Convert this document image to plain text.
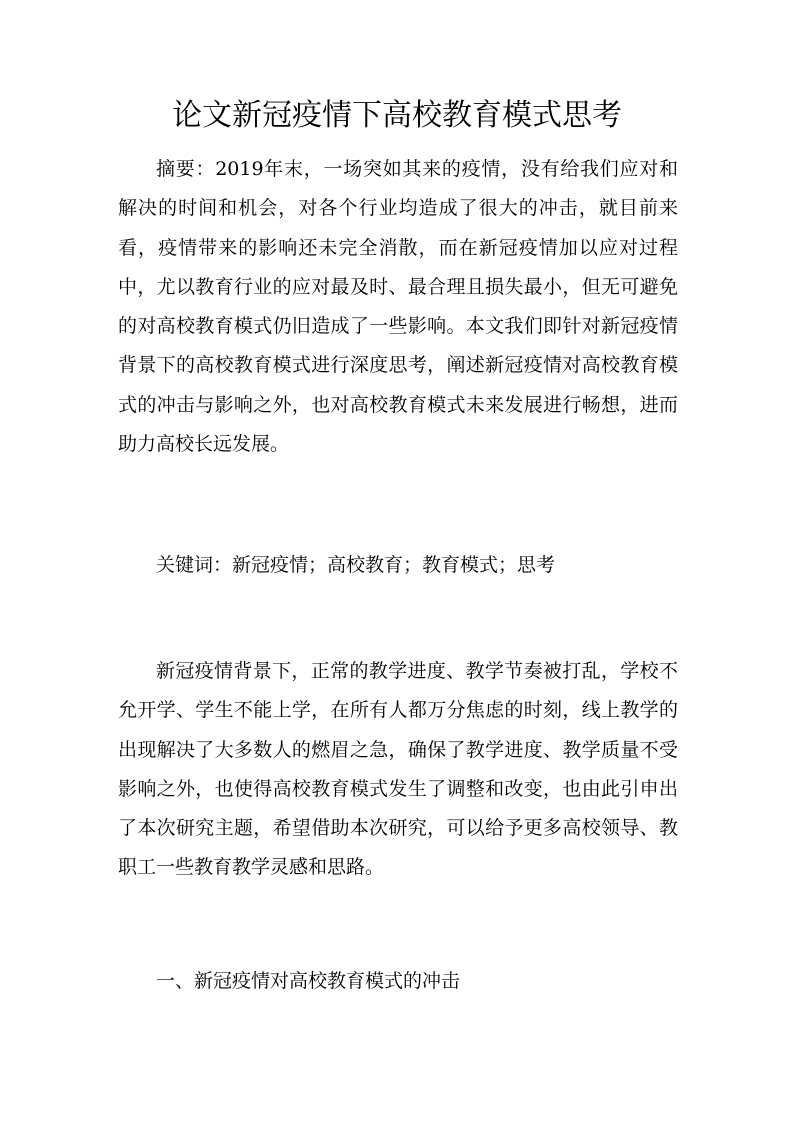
论文新冠疫情下高校教育模式思考

摘要：2019年末，一场突如其来的疫情，没有给我们应对和解决的时间和机会，对各个行业均造成了很大的冲击，就目前来看，疫情带来的影响还未完全消散，而在新冠疫情加以应对过程中，尤以教育行业的应对最及时、最合理且损失最小，但无可避免的对高校教育模式仍旧造成了一些影响。本文我们即针对新冠疫情背景下的高校教育模式进行深度思考，阐述新冠疫情对高校教育模式的冲击与影响之外，也对高校教育模式未来发展进行畅想，进而助力高校长远发展。

关键词：新冠疫情；高校教育；教育模式；思考

新冠疫情背景下，正常的教学进度、教学节奏被打乱，学校不允开学、学生不能上学，在所有人都万分焦虑的时刻，线上教学的出现解决了大多数人的燃眉之急，确保了教学进度、教学质量不受影响之外，也使得高校教育模式发生了调整和改变，也由此引申出了本次研究主题，希望借助本次研究，可以给予更多高校领导、教职工一些教育教学灵感和思路。

一、新冠疫情对高校教育模式的冲击
